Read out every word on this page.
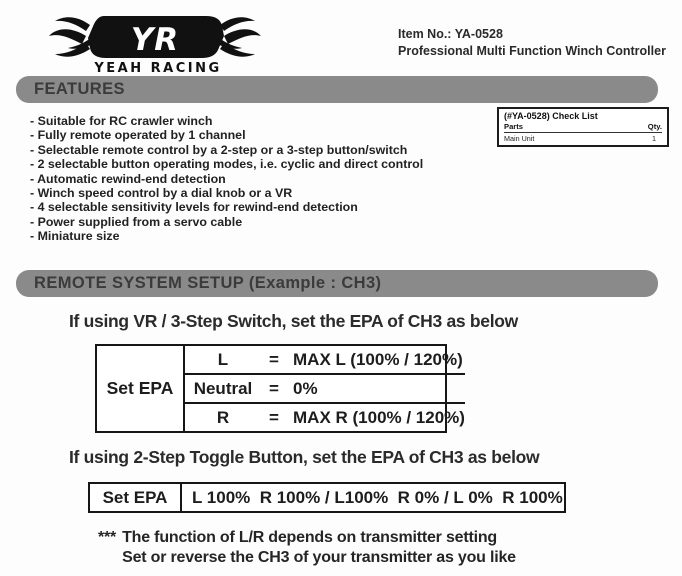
YR
YEAH RACING
Item No.: YA-0528
Professional Multi Function Winch Controller
FEATURES
- Suitable for RC crawler winch
- Fully remote operated by 1 channel
- Selectable remote control by a 2-step or a 3-step button/switch
- 2 selectable button operating modes, i.e. cyclic and direct control
- Automatic rewind-end detection
- Winch speed control by a dial knob or a VR
- 4 selectable sensitivity levels for rewind-end detection
- Power supplied from a servo cable
- Miniature size
(#YA-0528) Check List
Parts	Qty.
Main Unit	1
REMOTE SYSTEM SETUP (Example : CH3)
If using VR / 3-Step Switch, set the EPA of CH3 as below
Set EPA
L	= MAX L (100% / 120%)
Neutral = 0%
R	= MAX R (100% / 120%)
If using 2-Step Toggle Button, set the EPA of CH3 as below
Set EPA	L 100%  R 100% / L100%  R 0% / L 0%  R 100%
*** The function of L/R depends on transmitter setting
Set or reverse the CH3 of your transmitter as you like
